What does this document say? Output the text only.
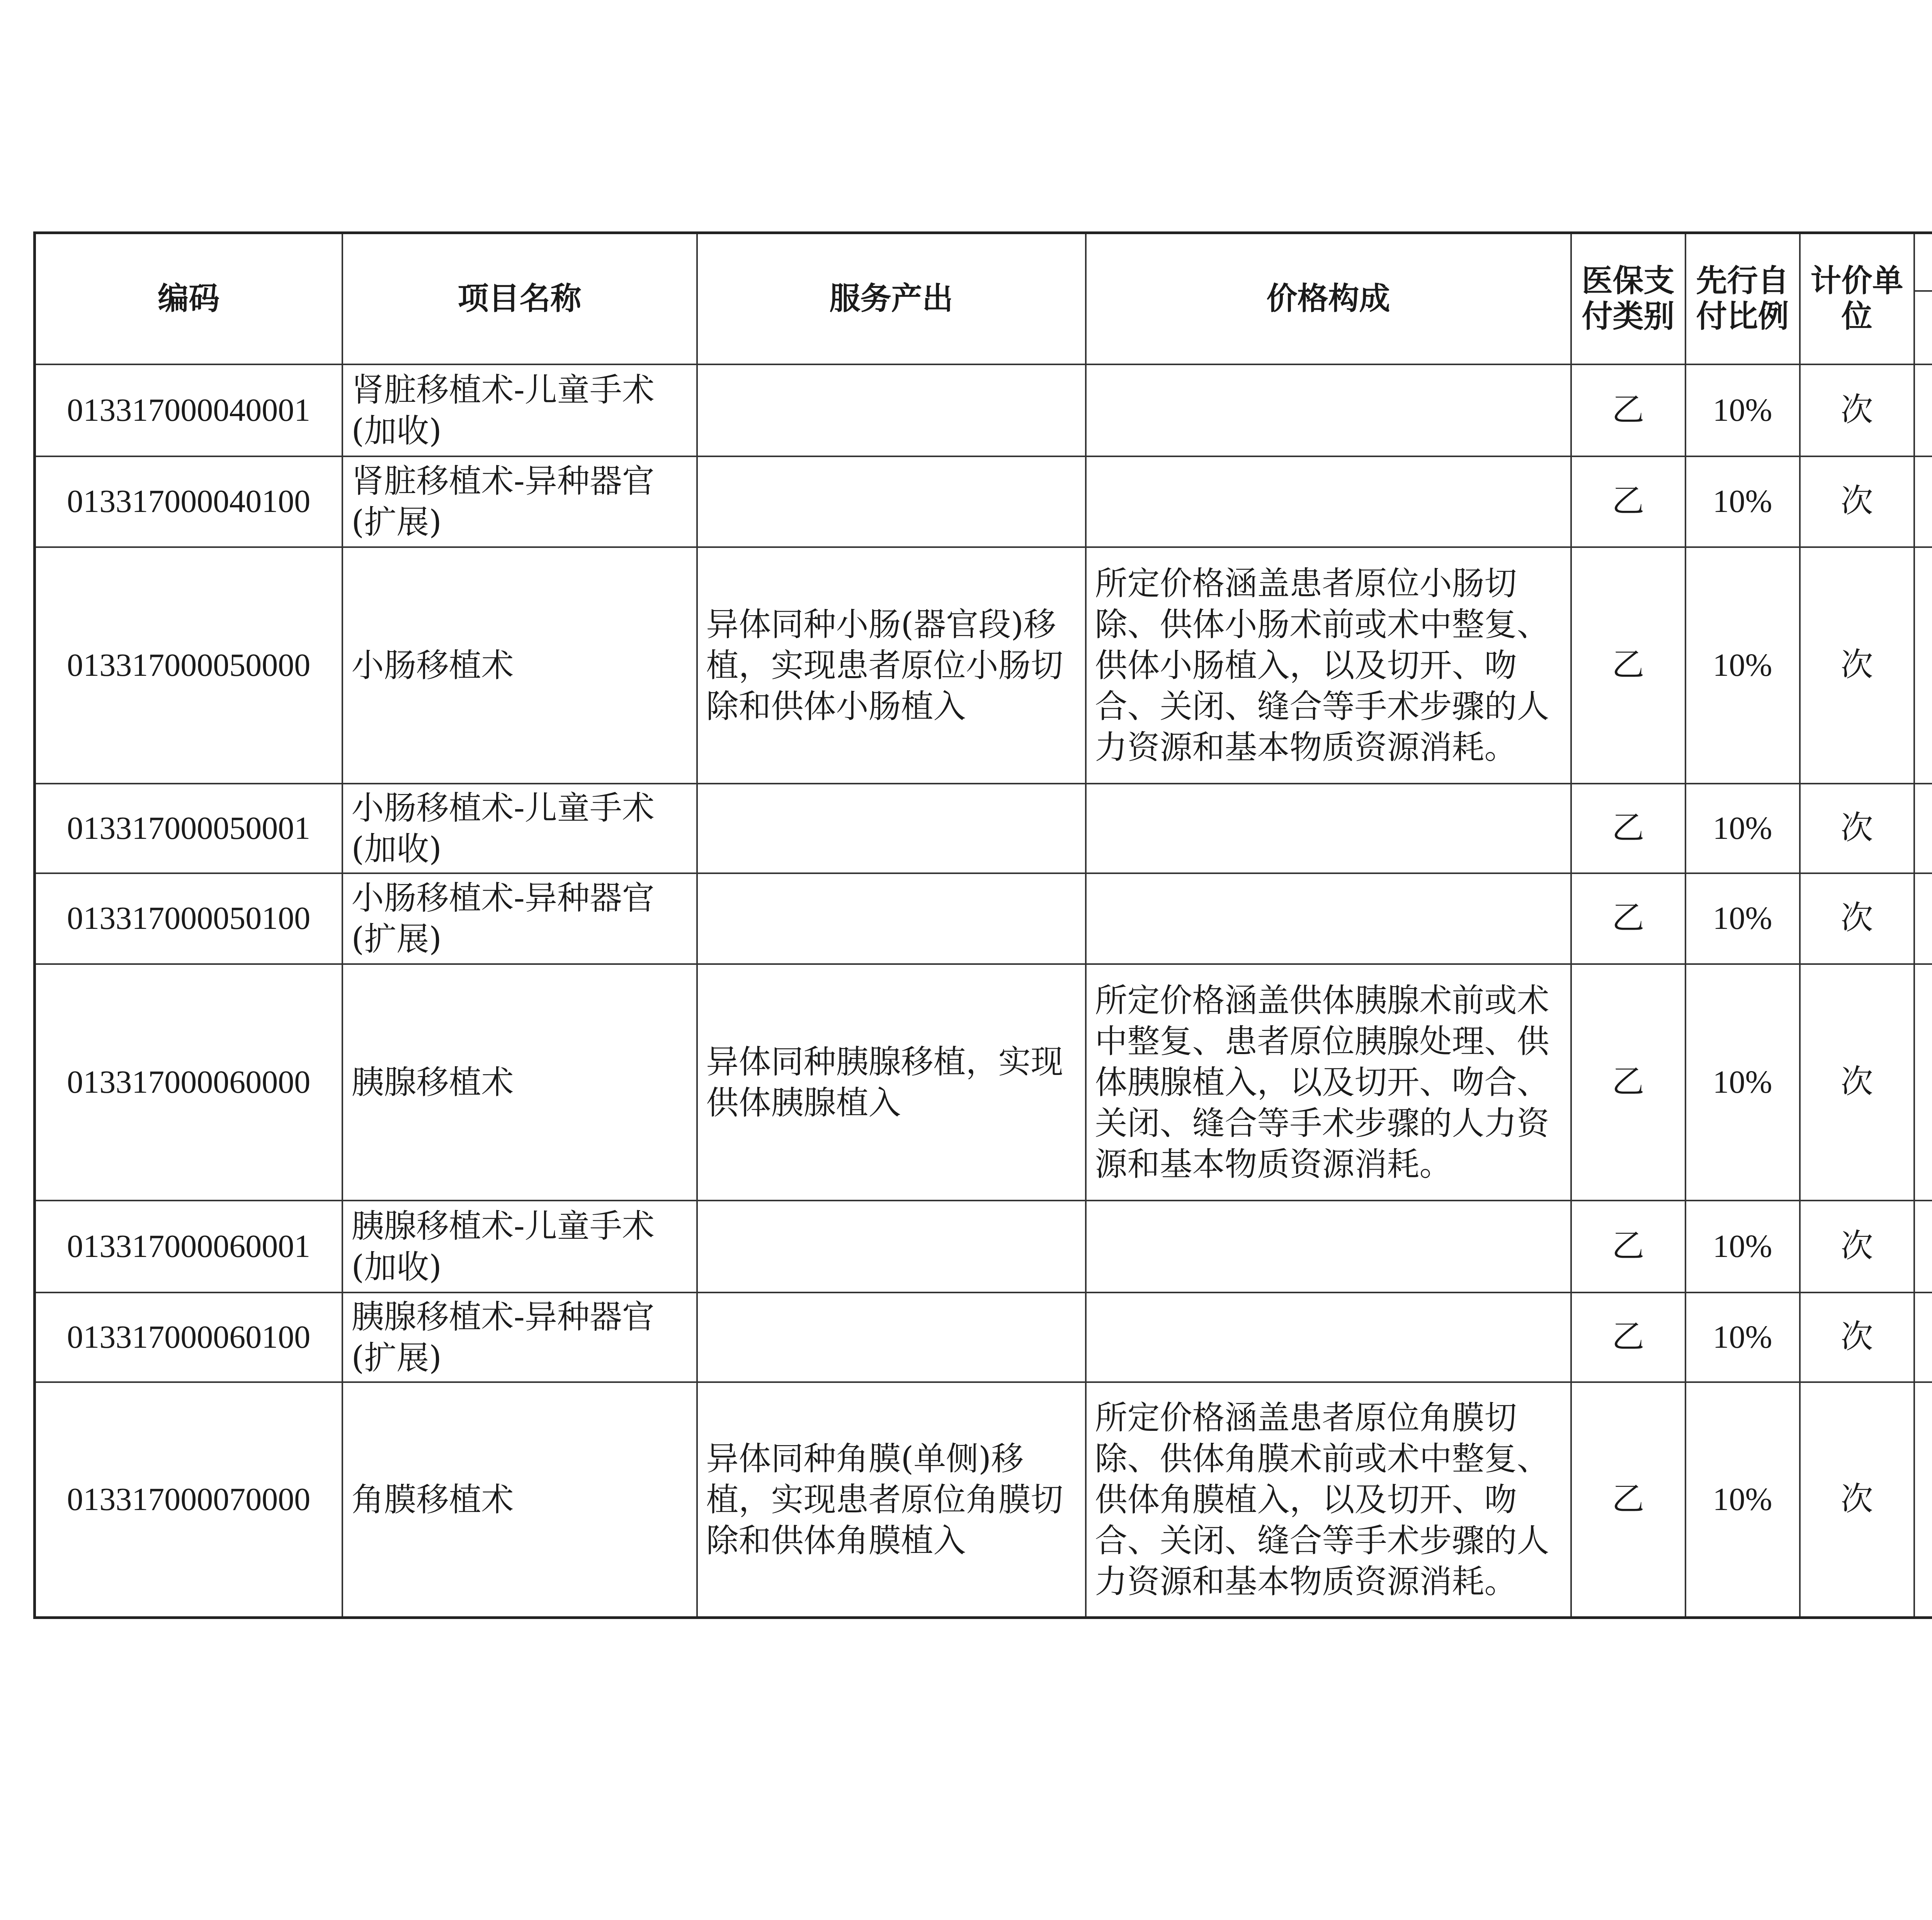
编码	项目名称	服务产出	价格构成	医保支付类别	先行自付比例	计价单位		

013317000040001	肾脏移植术-儿童手术(加收)			乙	10%	次				
013317000040100	肾脏移植术-异种器官(扩展)			乙	10%	次				
013317000050000	小肠移植术	异体同种小肠(器官段)移植，实现患者原位小肠切除和供体小肠植入	所定价格涵盖患者原位小肠切除、供体小肠术前或术中整复、供体小肠植入，以及切开、吻合、关闭、缝合等手术步骤的人力资源和基本物质资源消耗。	乙	10%	次				
013317000050001	小肠移植术-儿童手术(加收)			乙	10%	次				
013317000050100	小肠移植术-异种器官(扩展)			乙	10%	次				
013317000060000	胰腺移植术	异体同种胰腺移植，实现供体胰腺植入	所定价格涵盖供体胰腺术前或术中整复、患者原位胰腺处理、供体胰腺植入，以及切开、吻合、关闭、缝合等手术步骤的人力资源和基本物质资源消耗。	乙	10%	次				
013317000060001	胰腺移植术-儿童手术(加收)			乙	10%	次				
013317000060100	胰腺移植术-异种器官(扩展)			乙	10%	次				
013317000070000	角膜移植术	异体同种角膜(单侧)移植，实现患者原位角膜切除和供体角膜植入	所定价格涵盖患者原位角膜切除、供体角膜术前或术中整复、供体角膜植入，以及切开、吻合、关闭、缝合等手术步骤的人力资源和基本物质资源消耗。	乙	10%	次				
